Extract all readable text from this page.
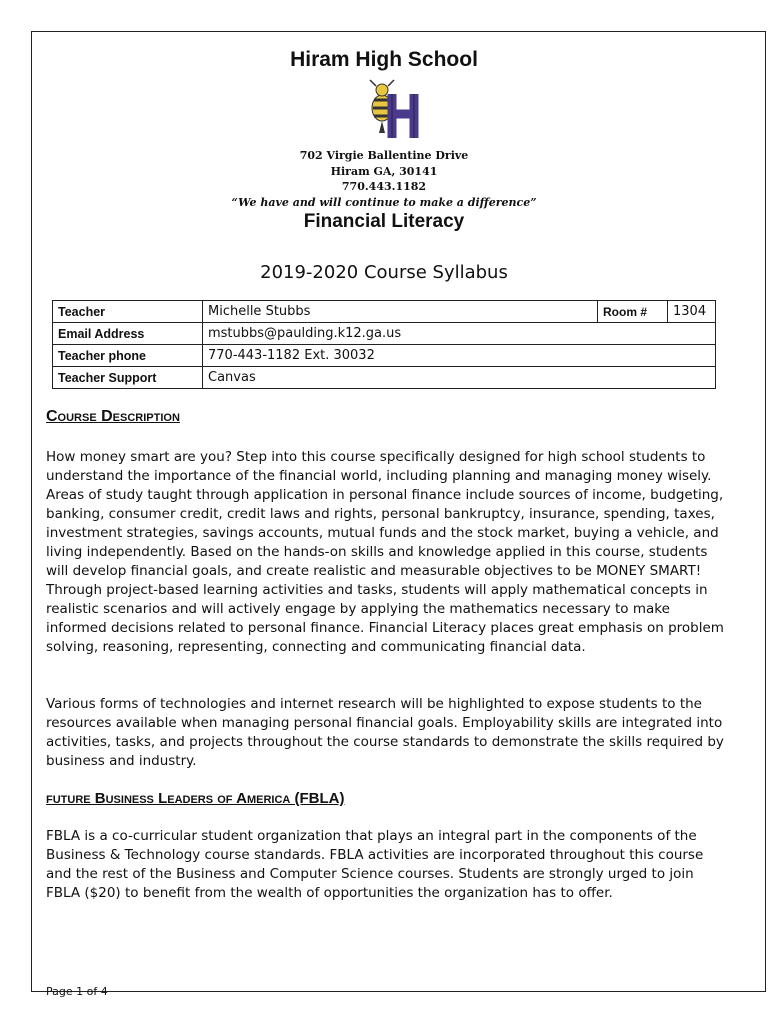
Hiram High School
702 Virgie Ballentine Drive
Hiram GA, 30141
770.443.1182
“We have and will continue to make a difference”
Financial Literacy
2019-2020 Course Syllabus
Teacher	Michelle Stubbs	Room #	1304
Email Address	mstubbs@paulding.k12.ga.us		
Teacher phone	770-443-1182 Ext. 30032		
Teacher Support	Canvas		
Course Description
How money smart are you? Step into this course specifically designed for high school students to understand the importance of the financial world, including planning and managing money wisely. Areas of study taught through application in personal finance include sources of income, budgeting, banking, consumer credit, credit laws and rights, personal bankruptcy, insurance, spending, taxes, investment strategies, savings accounts, mutual funds and the stock market, buying a vehicle, and living independently. Based on the hands-on skills and knowledge applied in this course, students will develop financial goals, and create realistic and measurable objectives to be MONEY SMART! Through project-based learning activities and tasks, students will apply mathematical concepts in realistic scenarios and will actively engage by applying the mathematics necessary to make informed decisions related to personal finance. Financial Literacy places great emphasis on problem solving, reasoning, representing, connecting and communicating financial data.
Various forms of technologies and internet research will be highlighted to expose students to the resources available when managing personal financial goals. Employability skills are integrated into activities, tasks, and projects throughout the course standards to demonstrate the skills required by business and industry.
future Business Leaders of America (FBLA)
FBLA is a co-curricular student organization that plays an integral part in the components of the Business & Technology course standards. FBLA activities are incorporated throughout this course and the rest of the Business and Computer Science courses. Students are strongly urged to join FBLA ($20) to benefit from the wealth of opportunities the organization has to offer.
Page 1 of 4
